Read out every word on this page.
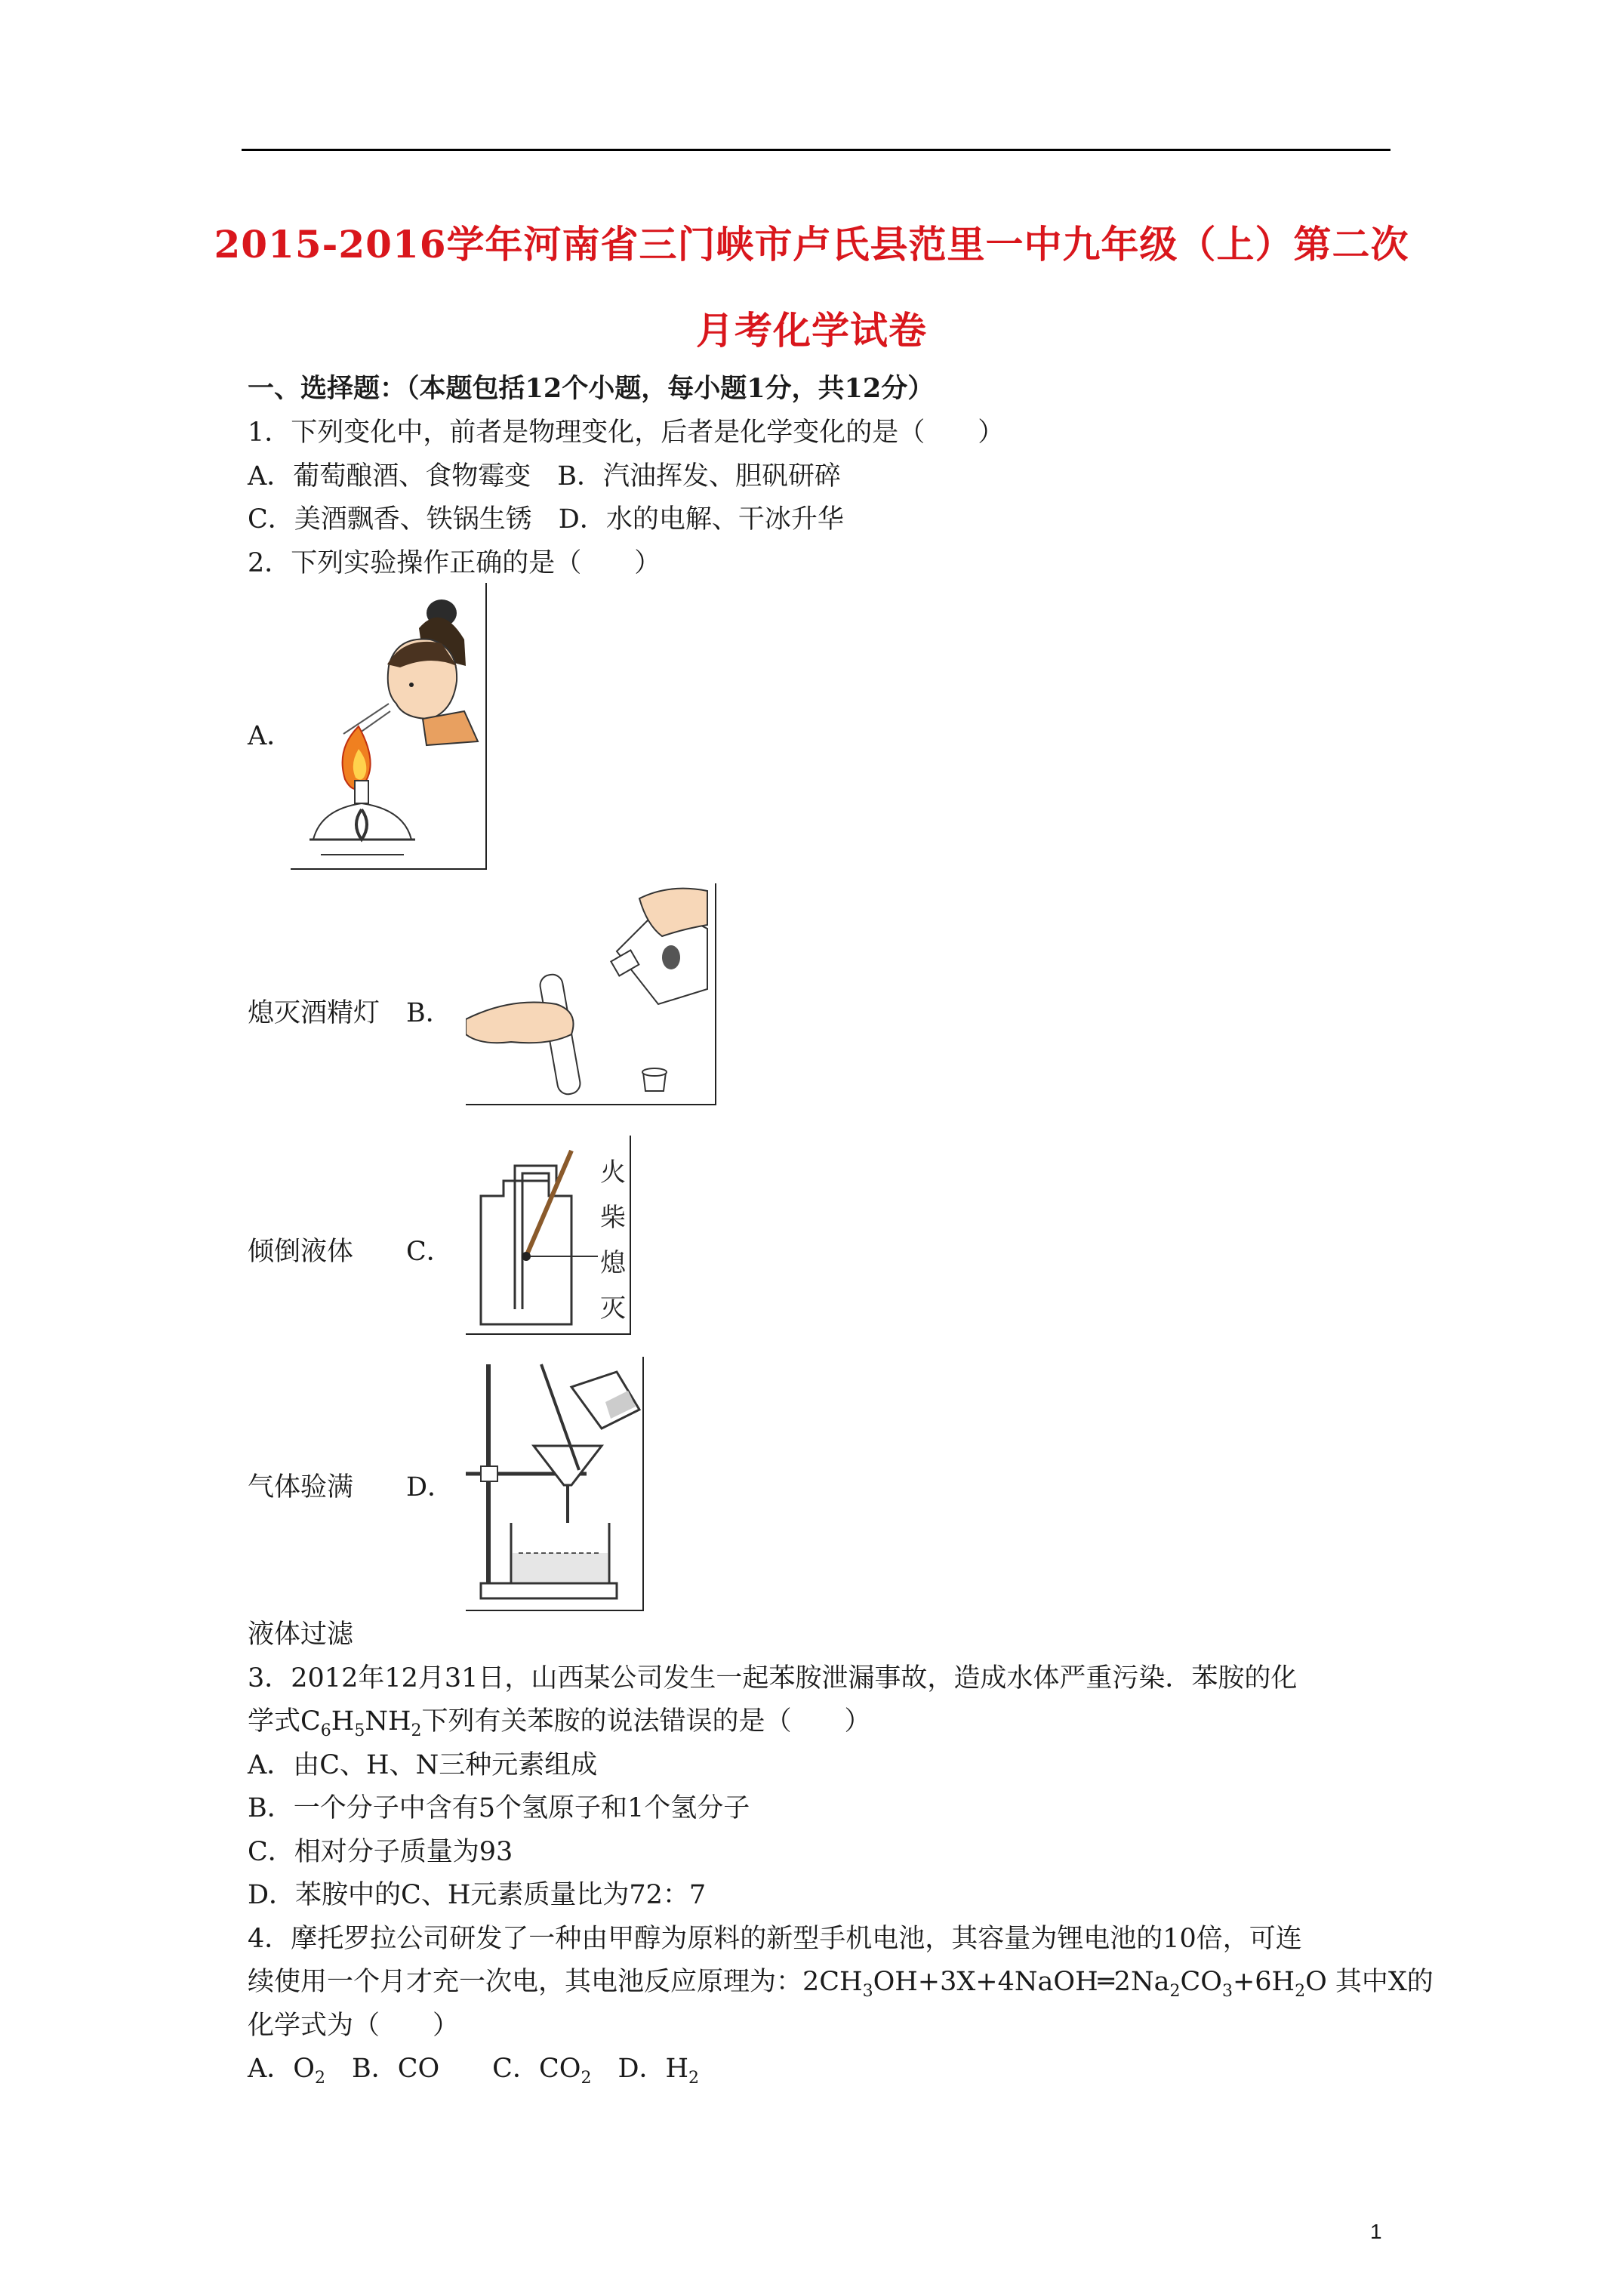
2015-2016学年河南省三门峡市卢氏县范里一中九年级（上）第二次
月考化学试卷
一、选择题：（本题包括12个小题，每小题1分，共12分）
1．下列变化中，前者是物理变化，后者是化学变化的是（　　）
A．葡萄酿酒、食物霉变　B．汽油挥发、胆矾研碎
C．美酒飘香、铁锅生锈　D．水的电解、干冰升华
2．下列实验操作正确的是（　　）
A．
熄灭酒精灯　B．
火
柴
熄
灭
倾倒液体　　C．
气体验满　　D．
液体过滤
3．2012年12月31日，山西某公司发生一起苯胺泄漏事故，造成水体严重污染．苯胺的化
学式$C_6H_5NH_2$下列有关苯胺的说法错误的是（　　）
A．由C、H、N三种元素组成
B．一个分子中含有5个氢原子和1个氢分子
C．相对分子质量为93
D．苯胺中的C、H元素质量比为72：7
4．摩托罗拉公司研发了一种由甲醇为原料的新型手机电池，其容量为锂电池的10倍，可连
续使用一个月才充一次电，其电池反应原理为：$2CH_3OH+3X+4NaOH═2Na_2CO_3+6H_2O$ 其中X的
化学式为（　　）
A．$O_2$　B．CO　　C．$CO_2$　D．$H_2$
1
